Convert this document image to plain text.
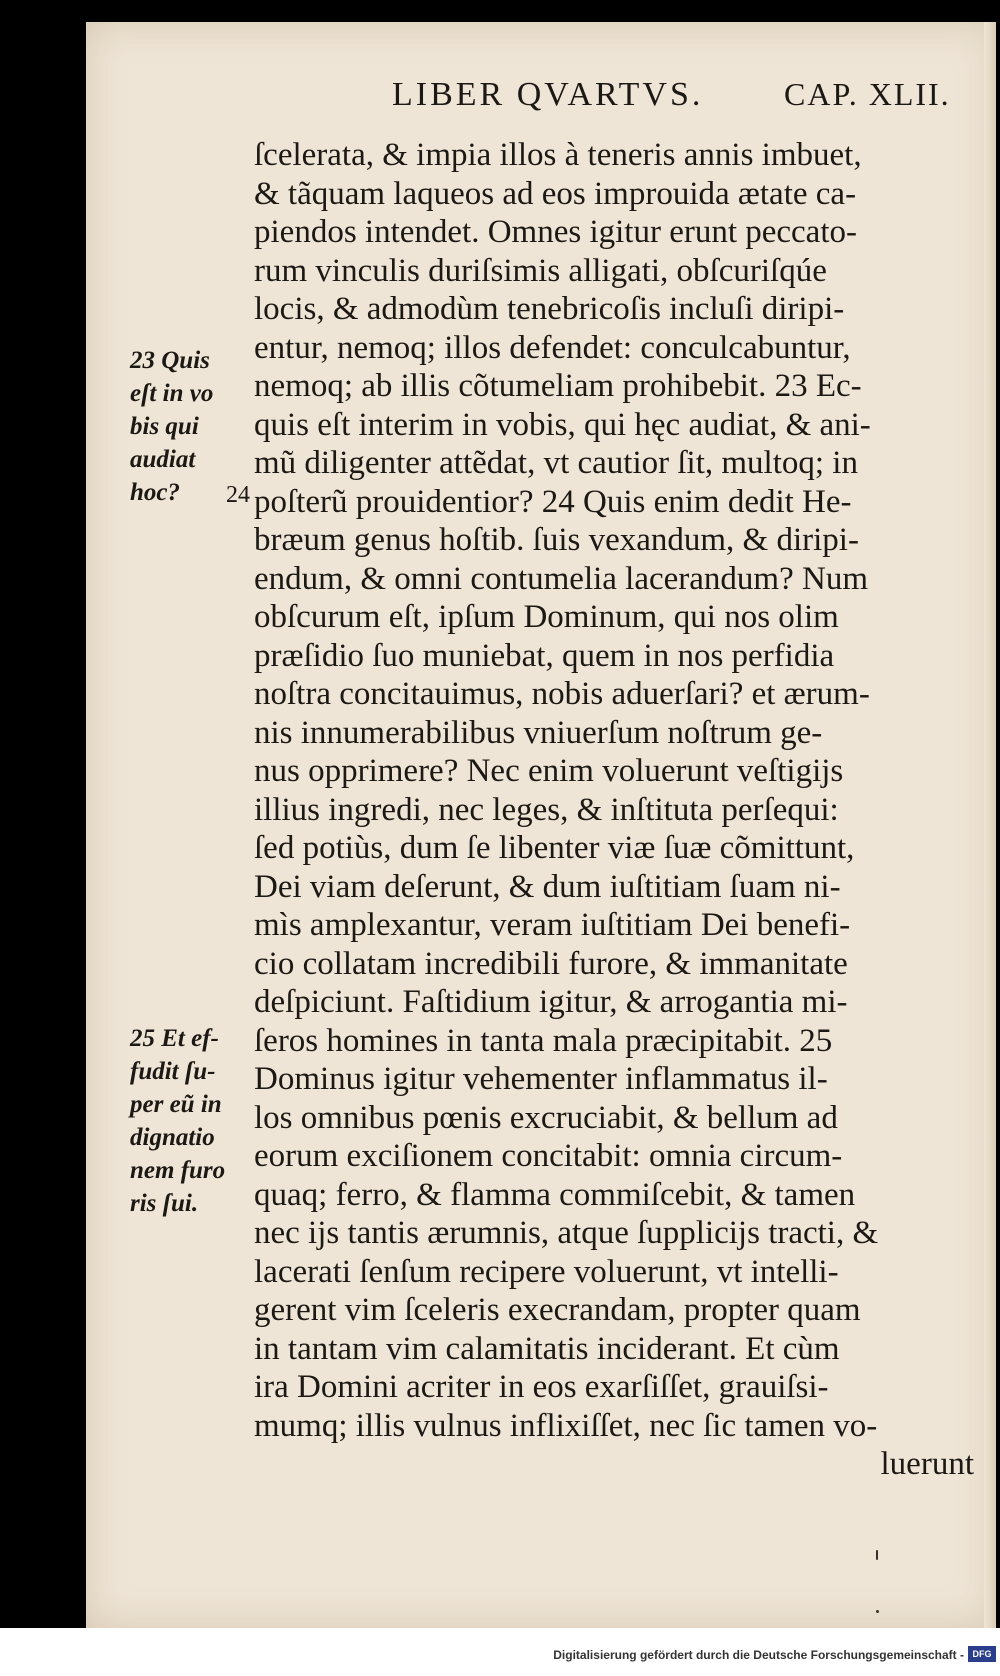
LIBER QVARTVS.	CAP. XLII.
23 Quis
eſt in vo
bis qui
audiat
hoc?	24
25 Et ef-
fudit ſu-
per eũ in
dignatio
nem furo
ris ſui.
ſcelerata, & impia illos à teneris annis imbuet,
& tãquam laqueos ad eos improuida ætate ca-
piendos intendet. Omnes igitur erunt peccato-
rum vinculis duriſsimis alligati, obſcuriſqúe
locis, & admodùm tenebricoſis incluſi diripi-
entur, nemoq; illos defendet: conculcabuntur,
nemoq; ab illis cõtumeliam prohibebit. 23 Ec-
quis eſt interim in vobis, qui hęc audiat, & ani-
mũ diligenter attẽdat, vt cautior ſit, multoq; in
poſterũ prouidentior? 24 Quis enim dedit He-
bræum genus hoſtib. ſuis vexandum, & diripi-
endum, & omni contumelia lacerandum? Num
obſcurum eſt, ipſum Dominum, qui nos olim
præſidio ſuo muniebat, quem in nos perfidia
noſtra concitauimus, nobis aduerſari? et ærum-
nis innumerabilibus vniuerſum noſtrum ge-
nus opprimere? Nec enim voluerunt veſtigijs
illius ingredi, nec leges, & inſtituta perſequi:
ſed potiùs, dum ſe libenter viæ ſuæ cõmittunt,
Dei viam deſerunt, & dum iuſtitiam ſuam ni-
mìs amplexantur, veram iuſtitiam Dei benefi-
cio collatam incredibili furore, & immanitate
deſpiciunt. Faſtidium igitur, & arrogantia mi-
ſeros homines in tanta mala præcipitabit. 25
Dominus igitur vehementer inflammatus il-
los omnibus pœnis excruciabit, & bellum ad
eorum exciſionem concitabit: omnia circum-
quaq; ferro, & flamma commiſcebit, & tamen
nec ijs tantis ærumnis, atque ſupplicijs tracti, &
lacerati ſenſum recipere voluerunt, vt intelli-
gerent vim ſceleris execrandam, propter quam
in tantam vim calamitatis inciderant. Et cùm
ira Domini acriter in eos exarſiſſet, grauiſsi-
mumq; illis vulnus inflixiſſet, nec ſic tamen vo-
luerunt
Digitalisierung gefördert durch die Deutsche Forschungsgemeinschaft - DFG
